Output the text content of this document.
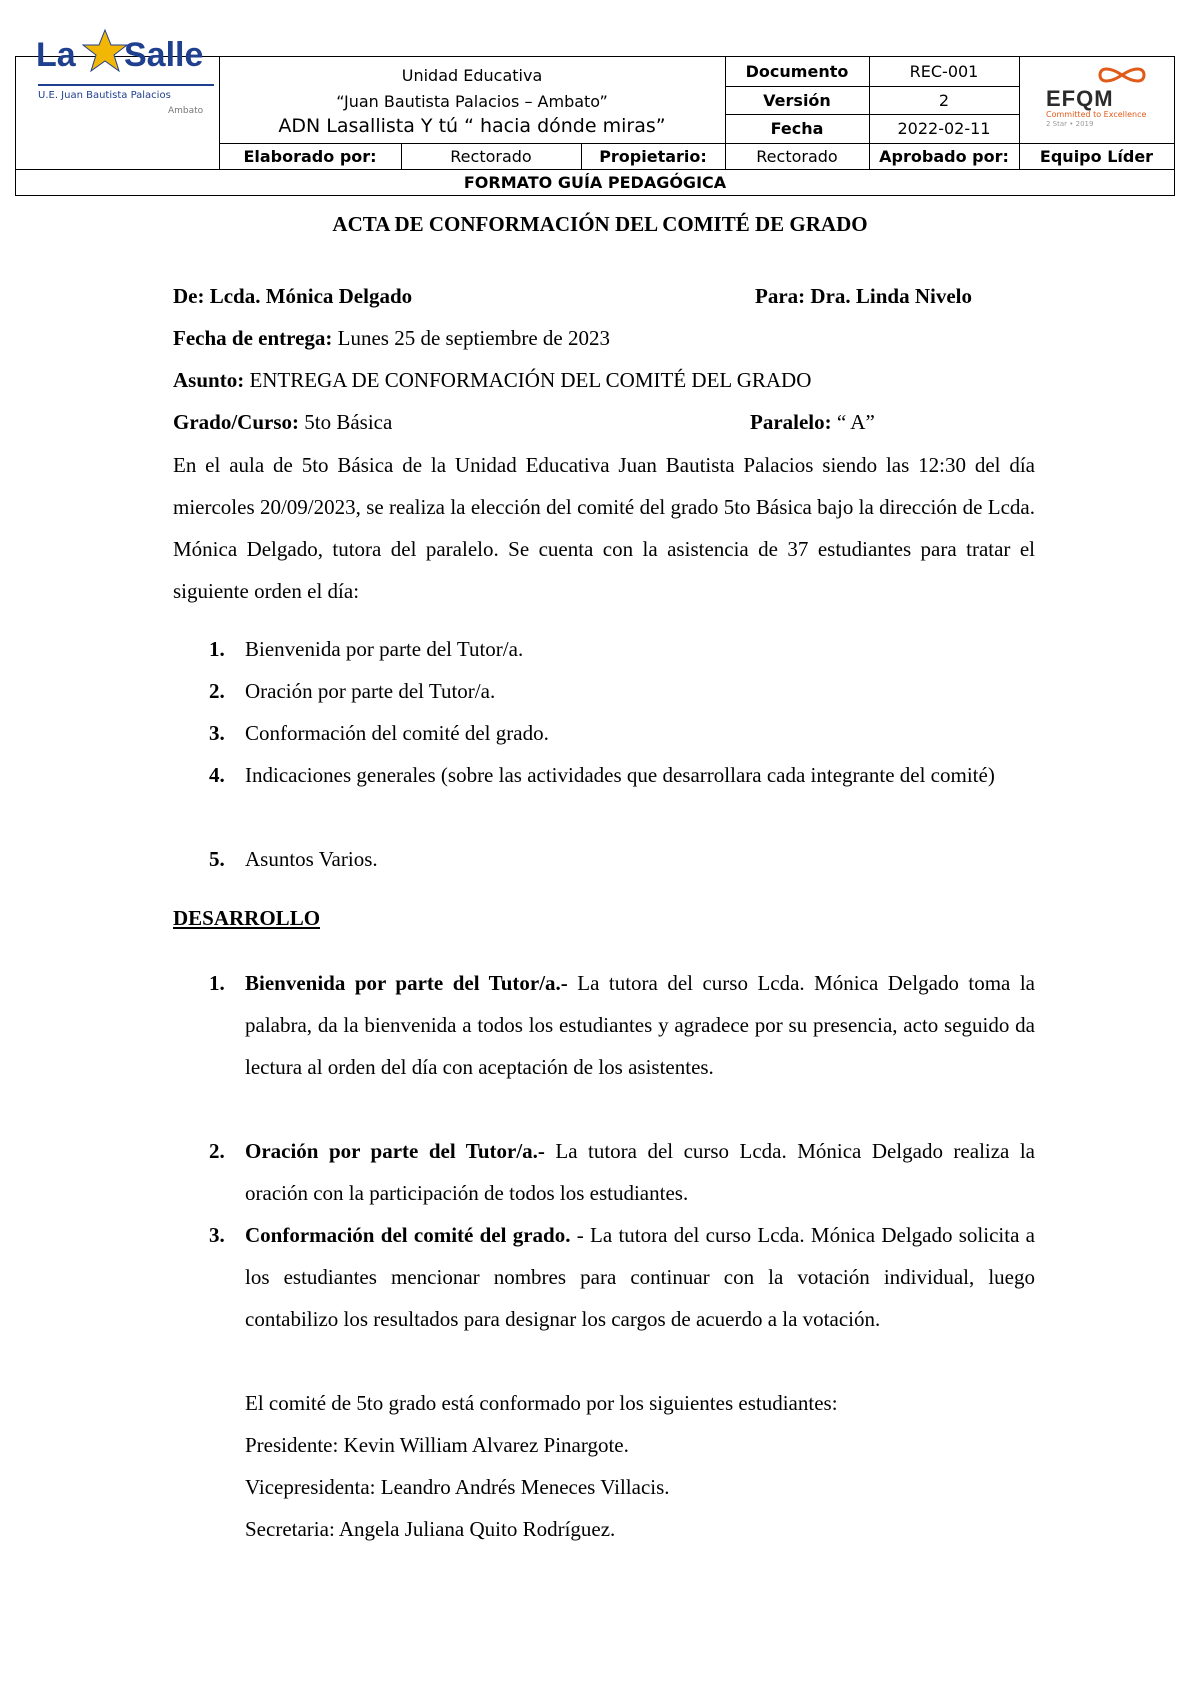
Unidad Educativa
“Juan Bautista Palacios – Ambato”
ADN Lasallista Y tú “ hacia dónde miras”
Documento	REC-001
Versión	2
Fecha	2022-02-11
Elaborado por:	Rectorado	Propietario:	Rectorado	Aprobado por:	Equipo Líder
FORMATO GUÍA PEDAGÓGICA
La Salle
U.E. Juan Bautista Palacios
Ambato	EFQM
Committed to Excellence
2 Star • 2019
ACTA DE CONFORMACIÓN DEL COMITÉ DE GRADO
De: Lcda. Mónica Delgado	Para: Dra. Linda Nivelo
Fecha de entrega: Lunes 25 de septiembre de 2023
Asunto: ENTREGA DE CONFORMACIÓN DEL COMITÉ DEL GRADO
Grado/Curso: 5to Básica	Paralelo: “ A”
En el aula de 5to Básica de la Unidad Educativa Juan Bautista Palacios siendo las 12:30 del día miercoles 20/09/2023, se realiza la elección del comité del grado 5to Básica bajo la dirección de Lcda. Mónica Delgado, tutora del paralelo. Se cuenta con la asistencia de 37 estudiantes para tratar el siguiente orden el día:
1. Bienvenida por parte del Tutor/a.
2. Oración por parte del Tutor/a.
3. Conformación del comité del grado.
4. Indicaciones generales (sobre las actividades que desarrollara cada integrante del comité)
5. Asuntos Varios.
DESARROLLO
1. Bienvenida por parte del Tutor/a.- La tutora del curso Lcda. Mónica Delgado toma la palabra, da la bienvenida a todos los estudiantes y agradece por su presencia, acto seguido da lectura al orden del día con aceptación de los asistentes.
2. Oración por parte del Tutor/a.- La tutora del curso Lcda. Mónica Delgado realiza la oración con la participación de todos los estudiantes.
3. Conformación del comité del grado. - La tutora del curso Lcda. Mónica Delgado solicita a los estudiantes mencionar nombres para continuar con la votación individual, luego contabilizo los resultados para designar los cargos de acuerdo a la votación.
El comité de 5to grado está conformado por los siguientes estudiantes:
Presidente: Kevin William Alvarez Pinargote.
Vicepresidenta: Leandro Andrés Meneces Villacis.
Secretaria: Angela Juliana Quito Rodríguez.
